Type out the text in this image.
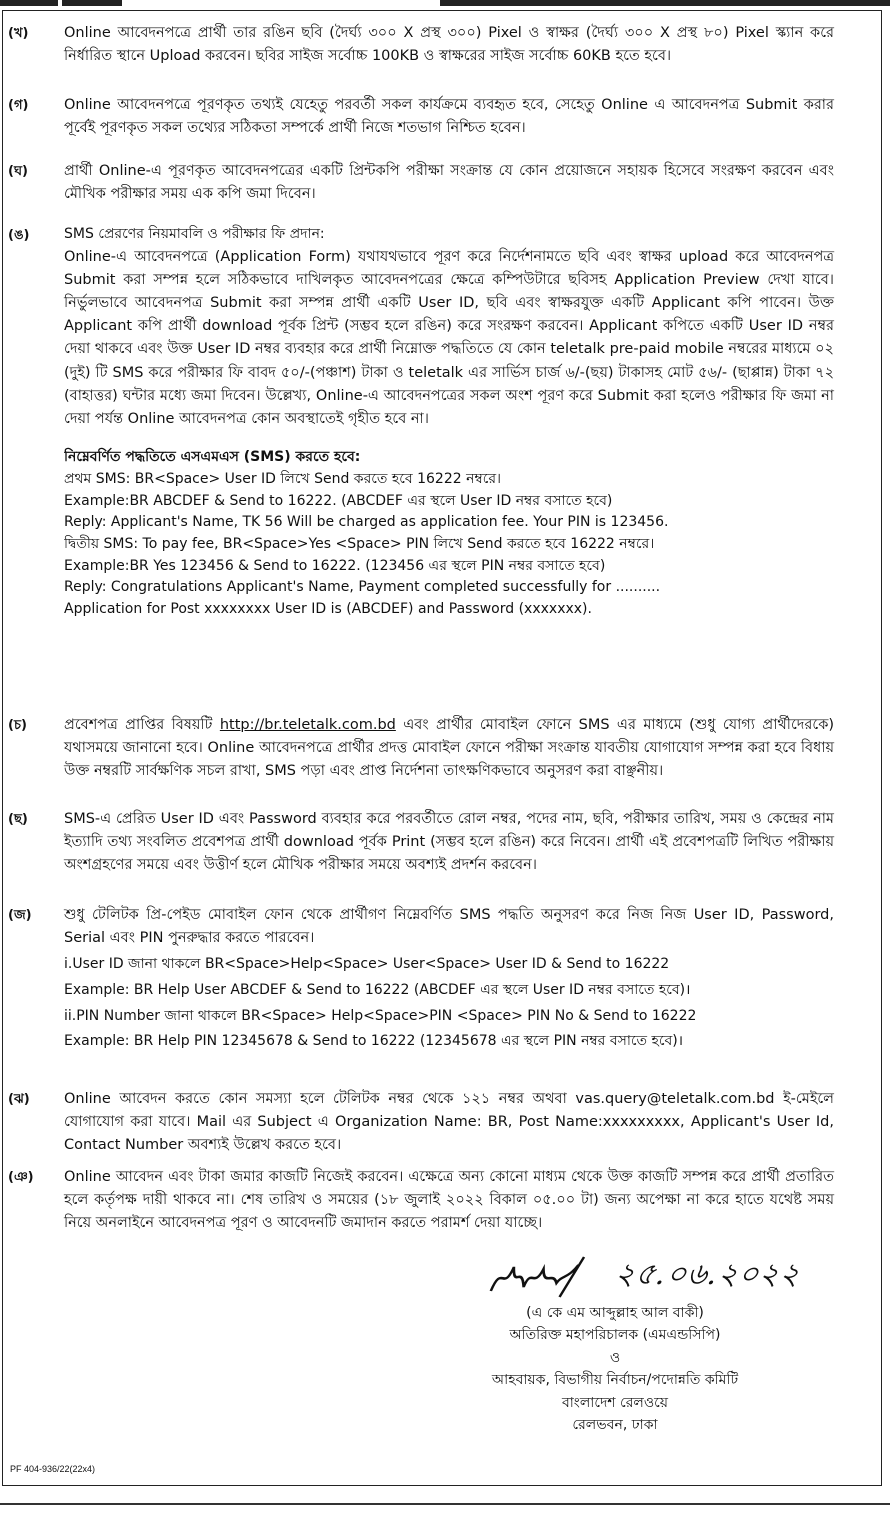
(খ)	Online আবেদনপত্রে প্রার্থী তার রঙিন ছবি (দৈর্ঘ্য ৩০০ X প্রস্থ ৩০০) Pixel ও স্বাক্ষর (দৈর্ঘ্য ৩০০ X প্রস্থ ৮০) Pixel স্ক্যান করে নির্ধারিত স্থানে Upload করবেন। ছবির সাইজ সর্বোচ্চ 100KB ও স্বাক্ষরের সাইজ সর্বোচ্চ 60KB হতে হবে।

(গ)	Online আবেদনপত্রে পূরণকৃত তথ্যই যেহেতু পরবর্তী সকল কার্যক্রমে ব্যবহৃত হবে, সেহেতু Online এ আবেদনপত্র Submit করার পূর্বেই পূরণকৃত সকল তথ্যের সঠিকতা সম্পর্কে প্রার্থী নিজে শতভাগ নিশ্চিত হবেন।

(ঘ)	প্রার্থী Online-এ পূরণকৃত আবেদনপত্রের একটি প্রিন্টকপি পরীক্ষা সংক্রান্ত যে কোন প্রয়োজনে সহায়ক হিসেবে সংরক্ষণ করবেন এবং মৌখিক পরীক্ষার সময় এক কপি জমা দিবেন।

(ঙ)	SMS প্রেরণের নিয়মাবলি ও পরীক্ষার ফি প্রদান:

Online-এ আবেদনপত্রে (Application Form) যথাযথভাবে পূরণ করে নির্দেশনামতে ছবি এবং স্বাক্ষর upload করে আবেদনপত্র Submit করা সম্পন্ন হলে সঠিকভাবে দাখিলকৃত আবেদনপত্রের ক্ষেত্রে কম্পিউটারে ছবিসহ Application Preview দেখা যাবে। নির্ভুলভাবে আবেদনপত্র Submit করা সম্পন্ন প্রার্থী একটি User ID, ছবি এবং স্বাক্ষরযুক্ত একটি Applicant কপি পাবেন। উক্ত Applicant কপি প্রার্থী download পূর্বক প্রিন্ট (সম্ভব হলে রঙিন) করে সংরক্ষণ করবেন। Applicant কপিতে একটি User ID নম্বর দেয়া থাকবে এবং উক্ত User ID নম্বর ব্যবহার করে প্রার্থী নিম্নোক্ত পদ্ধতিতে যে কোন teletalk pre-paid mobile নম্বরের মাধ্যমে ০২ (দুই) টি SMS করে পরীক্ষার ফি বাবদ ৫০/-(পঞ্চাশ) টাকা ও teletalk এর সার্ভিস চার্জ ৬/-(ছয়) টাকাসহ মোট ৫৬/- (ছাপ্পান্ন) টাকা ৭২ (বাহাত্তর) ঘন্টার মধ্যে জমা দিবেন। উল্লেখ্য, Online-এ আবেদনপত্রের সকল অংশ পূরণ করে Submit করা হলেও পরীক্ষার ফি জমা না দেয়া পর্যন্ত Online আবেদনপত্র কোন অবস্থাতেই গৃহীত হবে না।

নিম্নেবর্ণিত পদ্ধতিতে এসএমএস (SMS) করতে হবে:

প্রথম SMS: BR<Space> User ID লিখে Send করতে হবে 16222 নম্বরে।

Example:BR ABCDEF & Send to 16222. (ABCDEF এর স্থলে User ID নম্বর বসাতে হবে)

Reply: Applicant's Name, TK 56 Will be charged as application fee. Your PIN is 123456.

দ্বিতীয় SMS: To pay fee, BR<Space>Yes <Space> PIN লিখে Send করতে হবে 16222 নম্বরে।

Example:BR Yes 123456 & Send to 16222. (123456 এর স্থলে PIN নম্বর বসাতে হবে)

Reply: Congratulations Applicant's Name, Payment completed successfully for ..........

Application for Post xxxxxxxx User ID is (ABCDEF) and Password (xxxxxxx).

(চ)	প্রবেশপত্র প্রাপ্তির বিষয়টি http://br.teletalk.com.bd এবং প্রার্থীর মোবাইল ফোনে SMS এর মাধ্যমে (শুধু যোগ্য প্রার্থীদেরকে) যথাসময়ে জানানো হবে। Online আবেদনপত্রে প্রার্থীর প্রদত্ত মোবাইল ফোনে পরীক্ষা সংক্রান্ত যাবতীয় যোগাযোগ সম্পন্ন করা হবে বিধায় উক্ত নম্বরটি সার্বক্ষণিক সচল রাখা, SMS পড়া এবং প্রাপ্ত নির্দেশনা তাৎক্ষণিকভাবে অনুসরণ করা বাঞ্ছনীয়।

(ছ)	SMS-এ প্রেরিত User ID এবং Password ব্যবহার করে পরবর্তীতে রোল নম্বর, পদের নাম, ছবি, পরীক্ষার তারিখ, সময় ও কেন্দ্রের নাম ইত্যাদি তথ্য সংবলিত প্রবেশপত্র প্রার্থী download পূর্বক Print (সম্ভব হলে রঙিন) করে নিবেন। প্রার্থী এই প্রবেশপত্রটি লিখিত পরীক্ষায় অংশগ্রহণের সময়ে এবং উত্তীর্ণ হলে মৌখিক পরীক্ষার সময়ে অবশ্যই প্রদর্শন করবেন।

(জ)	শুধু টেলিটক প্রি-পেইড মোবাইল ফোন থেকে প্রার্থীগণ নিম্নেবর্ণিত SMS পদ্ধতি অনুসরণ করে নিজ নিজ User ID, Password, Serial এবং PIN পুনরুদ্ধার করতে পারবেন।

i.User ID জানা থাকলে BR<Space>Help<Space> User<Space> User ID & Send to 16222

Example: BR Help User ABCDEF & Send to 16222 (ABCDEF এর স্থলে User ID নম্বর বসাতে হবে)।

ii.PIN Number জানা থাকলে BR<Space> Help<Space>PIN <Space> PIN No & Send to 16222

Example: BR Help PIN 12345678 & Send to 16222 (12345678 এর স্থলে PIN নম্বর বসাতে হবে)।

(ঝ)	Online আবেদন করতে কোন সমস্যা হলে টেলিটক নম্বর থেকে ১২১ নম্বর অথবা vas.query@teletalk.com.bd ই-মেইলে যোগাযোগ করা যাবে। Mail এর Subject এ Organization Name: BR, Post Name:xxxxxxxxx, Applicant's User Id, Contact Number অবশ্যই উল্লেখ করতে হবে।

(ঞ)	Online আবেদন এবং টাকা জমার কাজটি নিজেই করবেন। এক্ষেত্রে অন্য কোনো মাধ্যম থেকে উক্ত কাজটি সম্পন্ন করে প্রার্থী প্রতারিত হলে কর্তৃপক্ষ দায়ী থাকবে না। শেষ তারিখ ও সময়ের (১৮ জুলাই ২০২২ বিকাল ০৫.০০ টা) জন্য অপেক্ষা না করে হাতে যথেষ্ট সময় নিয়ে অনলাইনে আবেদনপত্র পূরণ ও আবেদনটি জমাদান করতে পরামর্শ দেয়া যাচ্ছে।

২৫.০৬.২০২২
(এ কে এম আব্দুল্লাহ আল বাকী)
অতিরিক্ত মহাপরিচালক (এমএন্ডসিপি)
ও
আহবায়ক, বিভাগীয় নির্বাচন/পদোন্নতি কমিটি
বাংলাদেশ রেলওয়ে
রেলভবন, ঢাকা
PF 404-936/22(22x4)
